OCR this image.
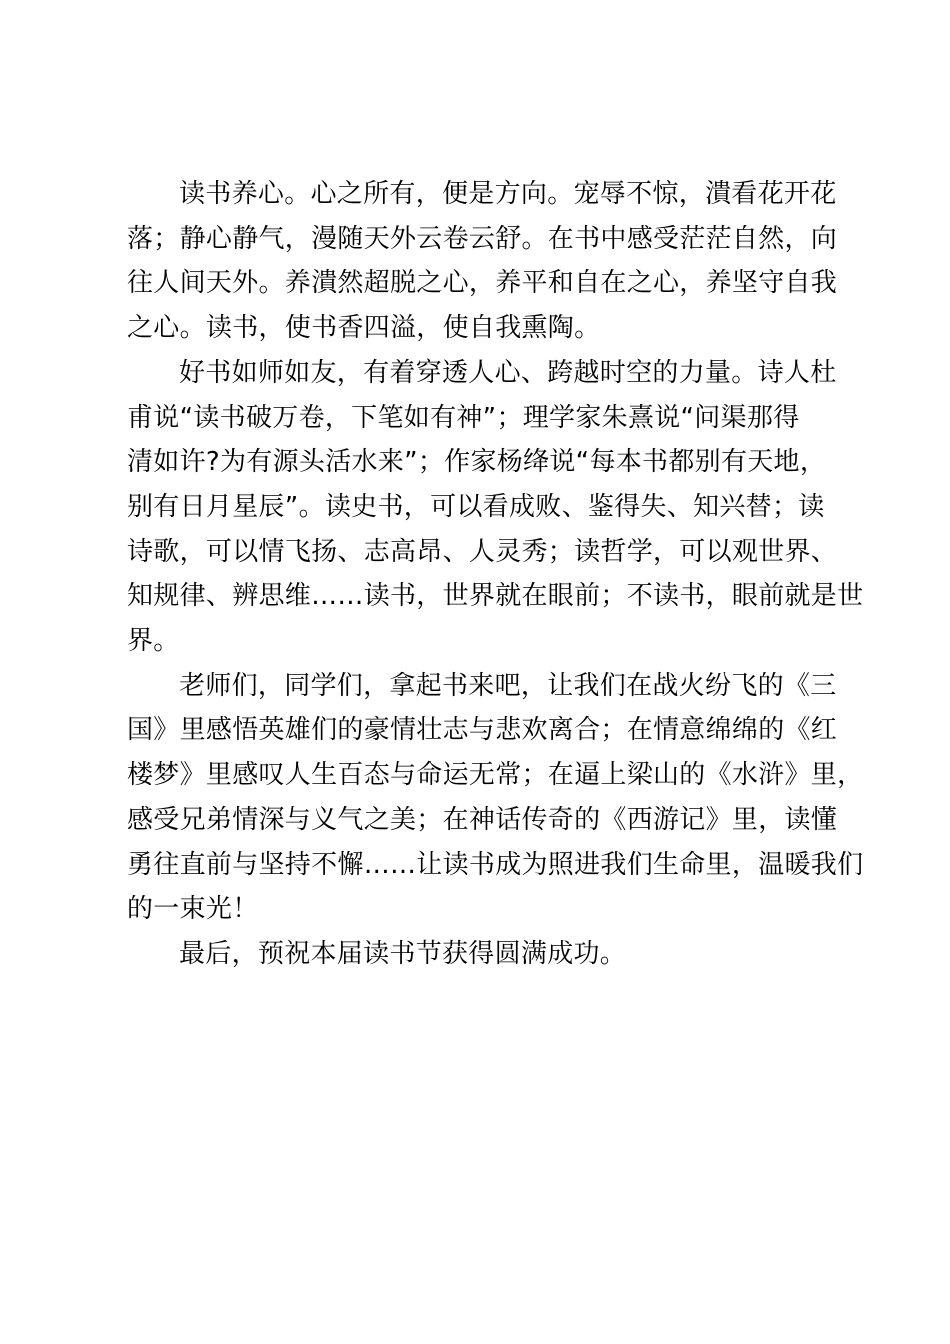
读书养心。心之所有，便是方向。宠辱不惊，潰看花开花
落；静心静气，漫随天外云卷云舒。在书中感受茫茫自然，向
往人间天外。养潰然超脱之心，养平和自在之心，养坚守自我
之心。读书，使书香四溢，使自我熏陶。

好书如师如友，有着穿透人心、跨越时空的力量。诗人杜
甫说“读书破万卷，下笔如有神”；理学家朱熹说“问渠那得
清如许?为有源头活水来”；作家杨绛说“每本书都别有天地，
别有日月星辰”。读史书，可以看成败、鉴得失、知兴替；读
诗歌，可以情飞扬、志高昂、人灵秀；读哲学，可以观世界、
知规律、辨思维……读书，世界就在眼前；不读书，眼前就是世
界。

老师们，同学们，拿起书来吧，让我们在战火纷飞的《三
国》里感悟英雄们的豪情壮志与悲欢离合；在情意绵绵的《红
楼梦》里感叹人生百态与命运无常；在逼上梁山的《水浒》里，
感受兄弟情深与义气之美；在神话传奇的《西游记》里，读懂
勇往直前与坚持不懈……让读书成为照进我们生命里，温暖我们
的一束光！

最后，预祝本届读书节获得圆满成功。
